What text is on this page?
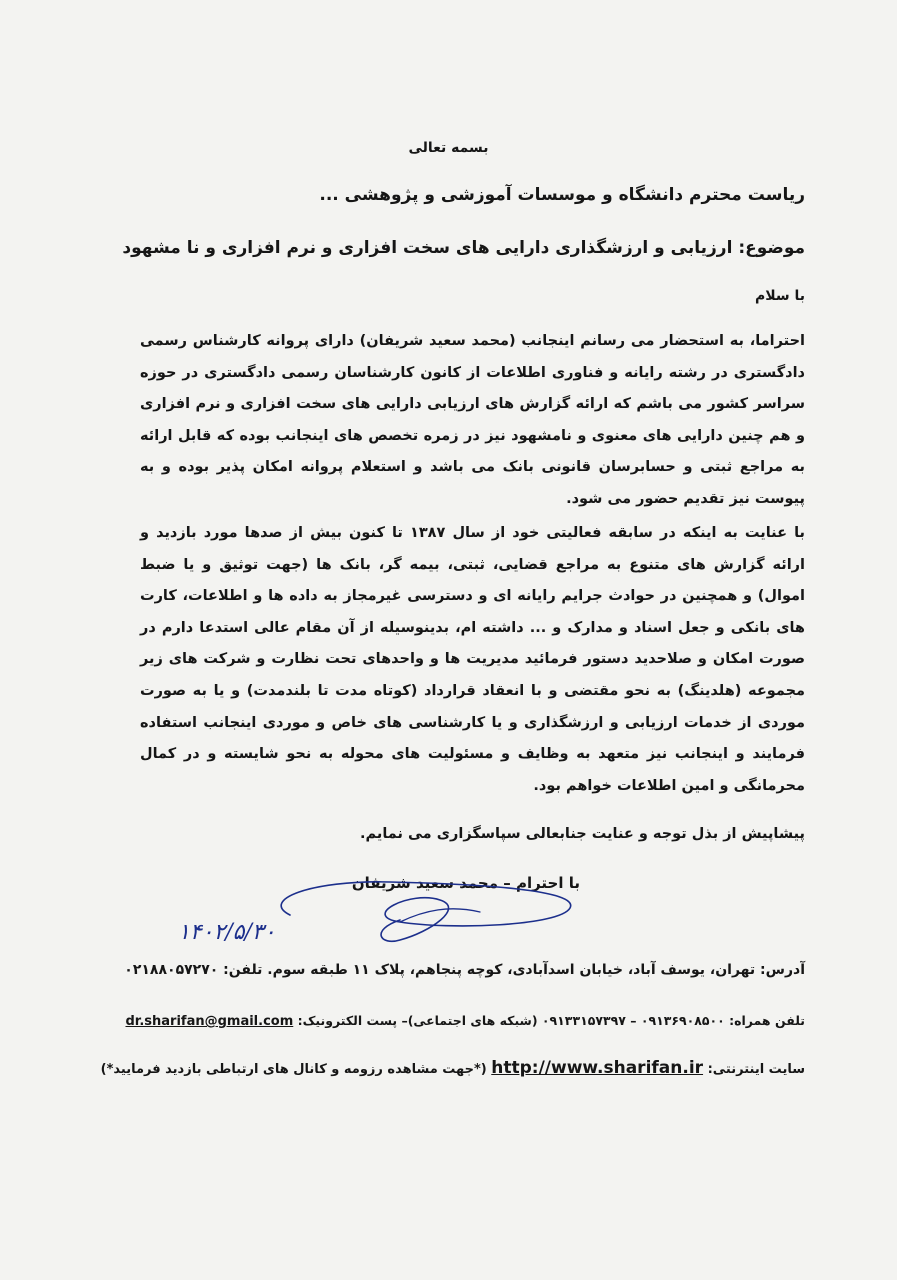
بسمه تعالی
ریاست محترم دانشگاه و موسسات آموزشی و پژوهشی ...
موضوع: ارزیابی و ارزشگذاری دارایی های سخت افزاری و نرم افزاری و نا مشهود
با سلام
احتراما، به استحضار می رسانم اینجانب (محمد سعید شریفان) دارای پروانه کارشناس رسمی دادگستری در رشته رایانه و فناوری اطلاعات از کانون کارشناسان رسمی دادگستری در حوزه سراسر کشور می باشم که ارائه گزارش های ارزیابی دارایی های سخت افزاری و نرم افزاری و هم چنین دارایی های معنوی و نامشهود نیز در زمره تخصص های اینجانب بوده که قابل ارائه به مراجع ثبتی و حسابرسان قانونی بانک می باشد و استعلام پروانه امکان پذیر بوده و به پیوست نیز تقدیم حضور می شود.
با عنایت به اینکه در سابقه فعالیتی خود از سال ۱۳۸۷ تا کنون بیش از صدها مورد بازدید و ارائه گزارش های متنوع به مراجع قضایی، ثبتی، بیمه گر، بانک ها (جهت توثیق و یا ضبط اموال) و همچنین در حوادث جرایم رایانه ای و دسترسی غیرمجاز به داده ها و اطلاعات، کارت های بانکی و جعل اسناد و مدارک و ... داشته ام، بدینوسیله از آن مقام عالی استدعا دارم در صورت امکان و صلاحدید دستور فرمائید مدیریت ها و واحدهای تحت نظارت و شرکت های زیر مجموعه (هلدینگ) به نحو مقتضی و با انعقاد قرارداد (کوتاه مدت تا بلندمدت) و یا به صورت موردی از خدمات ارزیابی و ارزشگذاری و یا کارشناسی های خاص و موردی اینجانب استفاده فرمایند و اینجانب نیز متعهد به وظایف و مسئولیت های محوله به نحو شایسته و در کمال محرمانگی و امین اطلاعات خواهم بود.
پیشاپیش از بذل توجه و عنایت جنابعالی سپاسگزاری می نمایم.
با احترام – محمد سعید شریفان
۱۴۰۲/۵/۳۰
آدرس: تهران، یوسف آباد، خیابان اسدآبادی، کوچه پنجاهم، پلاک ۱۱ طبقه سوم. تلفن: ۰۲۱۸۸۰۵۷۲۷۰
تلفن همراه: ۰۹۱۳۶۹۰۸۵۰۰ – ۰۹۱۳۳۱۵۷۳۹۷ (شبکه های اجتماعی)– پست الکترونیک: dr.sharifan@gmail.com
سایت اینترنتی: http://www.sharifan.ir (*جهت مشاهده رزومه و کانال های ارتباطی بازدید فرمایید*)
